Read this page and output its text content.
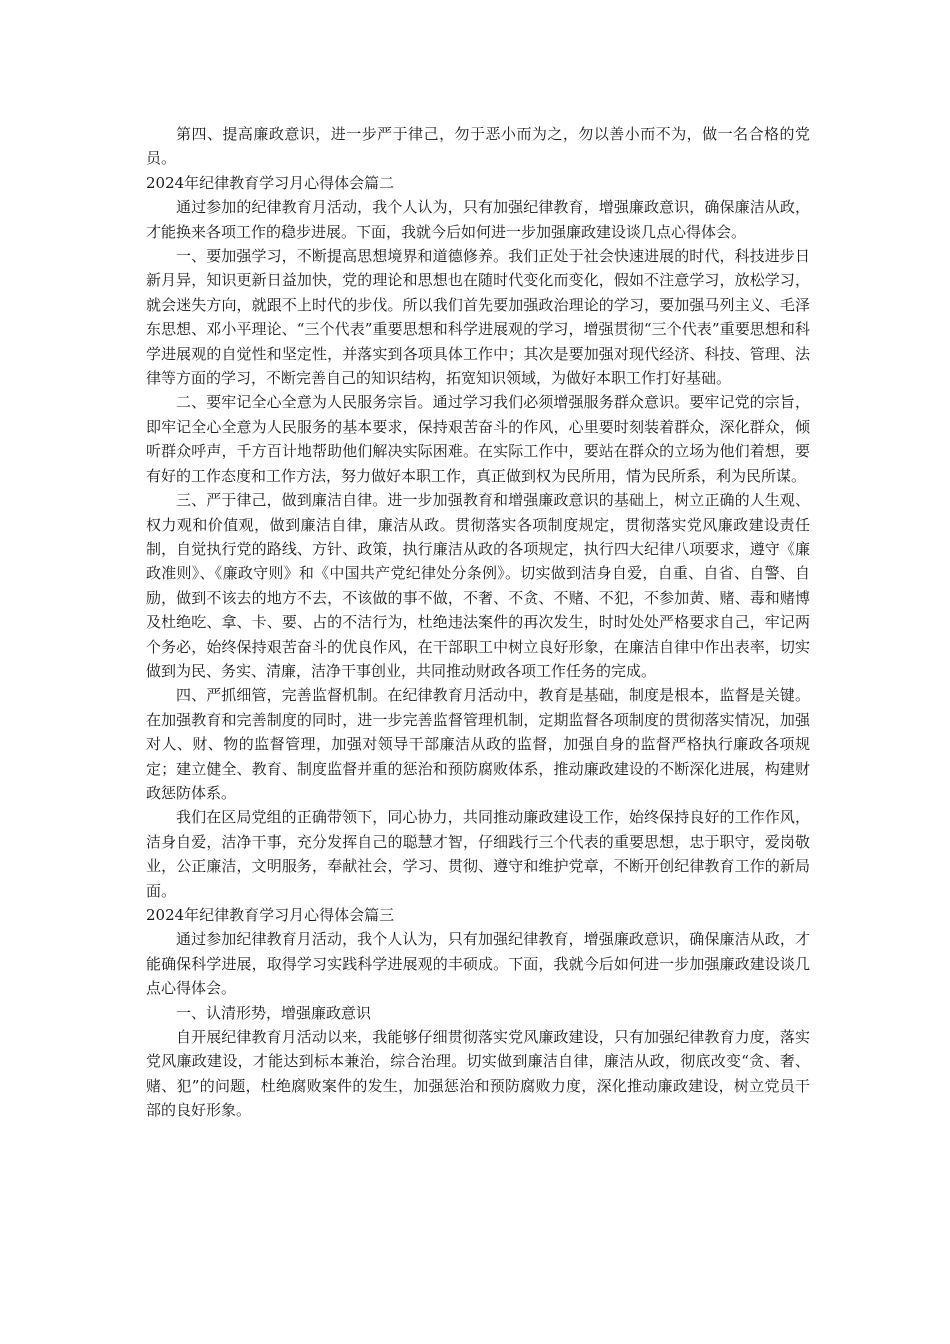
第四、提高廉政意识，进一步严于律己，勿于恶小而为之，勿以善小而不为，做一名合格的党员。

2024年纪律教育学习月心得体会篇二

通过参加的纪律教育月活动，我个人认为，只有加强纪律教育，增强廉政意识，确保廉洁从政，才能换来各项工作的稳步进展。下面，我就今后如何进一步加强廉政建设谈几点心得体会。

一、要加强学习，不断提高思想境界和道德修养。我们正处于社会快速进展的时代，科技进步日新月异，知识更新日益加快，党的理论和思想也在随时代变化而变化，假如不注意学习，放松学习，就会迷失方向，就跟不上时代的步伐。所以我们首先要加强政治理论的学习，要加强马列主义、毛泽东思想、邓小平理论、“三个代表”重要思想和科学进展观的学习，增强贯彻“三个代表”重要思想和科学进展观的自觉性和坚定性，并落实到各项具体工作中；其次是要加强对现代经济、科技、管理、法律等方面的学习，不断完善自己的知识结构，拓宽知识领域，为做好本职工作打好基础。

二、要牢记全心全意为人民服务宗旨。通过学习我们必须增强服务群众意识。要牢记党的宗旨，即牢记全心全意为人民服务的基本要求，保持艰苦奋斗的作风，心里要时刻装着群众，深化群众，倾听群众呼声，千方百计地帮助他们解决实际困难。在实际工作中，要站在群众的立场为他们着想，要有好的工作态度和工作方法，努力做好本职工作，真正做到权为民所用，情为民所系，利为民所谋。

三、严于律己，做到廉洁自律。进一步加强教育和增强廉政意识的基础上，树立正确的人生观、权力观和价值观，做到廉洁自律，廉洁从政。贯彻落实各项制度规定，贯彻落实党风廉政建设责任制，自觉执行党的路线、方针、政策，执行廉洁从政的各项规定，执行四大纪律八项要求，遵守《廉政准则》、《廉政守则》和《中国共产党纪律处分条例》。切实做到洁身自爱，自重、自省、自警、自励，做到不该去的地方不去，不该做的事不做，不奢、不贪、不赌、不犯，不参加黄、赌、毒和赌博及杜绝吃、拿、卡、要、占的不洁行为，杜绝违法案件的再次发生，时时处处严格要求自己，牢记两个务必，始终保持艰苦奋斗的优良作风，在干部职工中树立良好形象，在廉洁自律中作出表率，切实做到为民、务实、清廉，洁净干事创业，共同推动财政各项工作任务的完成。

四、严抓细管，完善监督机制。在纪律教育月活动中，教育是基础，制度是根本，监督是关键。在加强教育和完善制度的同时，进一步完善监督管理机制，定期监督各项制度的贯彻落实情况，加强对人、财、物的监督管理，加强对领导干部廉洁从政的监督，加强自身的监督严格执行廉政各项规定；建立健全、教育、制度监督并重的惩治和预防腐败体系，推动廉政建设的不断深化进展，构建财政惩防体系。

我们在区局党组的正确带领下，同心协力，共同推动廉政建设工作，始终保持良好的工作作风，洁身自爱，洁净干事，充分发挥自己的聪慧才智，仔细践行三个代表的重要思想，忠于职守，爱岗敬业，公正廉洁，文明服务，奉献社会，学习、贯彻、遵守和维护党章，不断开创纪律教育工作的新局面。

2024年纪律教育学习月心得体会篇三

通过参加纪律教育月活动，我个人认为，只有加强纪律教育，增强廉政意识，确保廉洁从政，才能确保科学进展，取得学习实践科学进展观的丰硕成。下面，我就今后如何进一步加强廉政建设谈几点心得体会。

一、认清形势，增强廉政意识

自开展纪律教育月活动以来，我能够仔细贯彻落实党风廉政建设，只有加强纪律教育力度，落实党风廉政建设，才能达到标本兼治，综合治理。切实做到廉洁自律，廉洁从政，彻底改变“贪、奢、赌、犯”的问题，杜绝腐败案件的发生，加强惩治和预防腐败力度，深化推动廉政建设，树立党员干部的良好形象。
